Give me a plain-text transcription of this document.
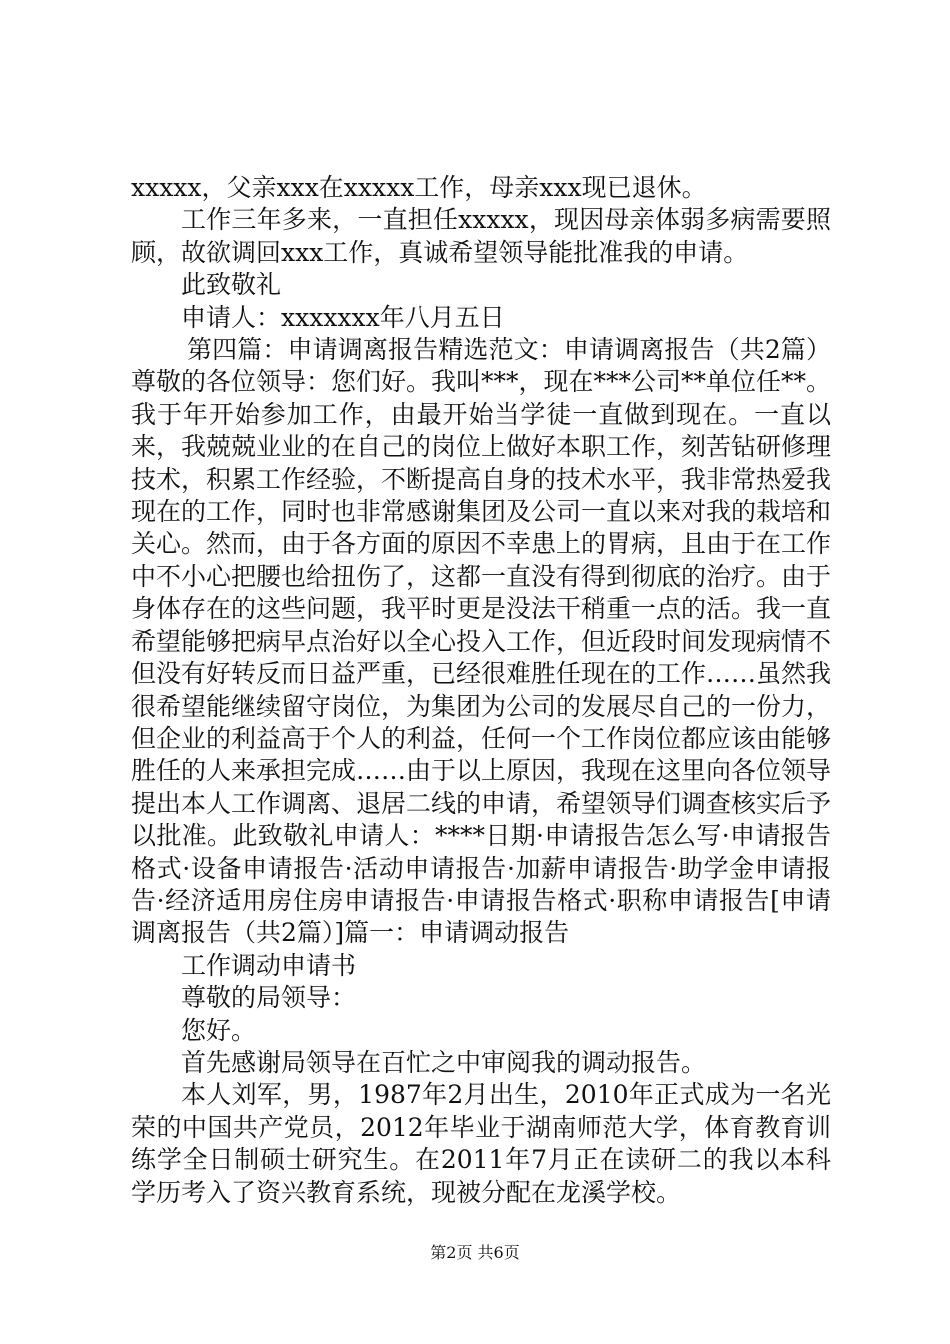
xxxxx，父亲xxx在xxxxx工作，母亲xxx现已退休。

工作三年多来，一直担任xxxxx，现因母亲体弱多病需要照顾，故欲调回xxx工作，真诚希望领导能批准我的申请。

此致敬礼

申请人：xxxxxxx年八月五日

第四篇：申请调离报告精选范文：申请调离报告（共2篇）尊敬的各位领导：您们好。我叫***，现在***公司**单位任**。我于年开始参加工作，由最开始当学徒一直做到现在。一直以来，我兢兢业业的在自己的岗位上做好本职工作，刻苦钻研修理技术，积累工作经验，不断提高自身的技术水平，我非常热爱我现在的工作，同时也非常感谢集团及公司一直以来对我的栽培和关心。然而，由于各方面的原因不幸患上的胃病，且由于在工作中不小心把腰也给扭伤了，这都一直没有得到彻底的治疗。由于身体存在的这些问题，我平时更是没法干稍重一点的活。我一直希望能够把病早点治好以全心投入工作，但近段时间发现病情不但没有好转反而日益严重，已经很难胜任现在的工作……虽然我很希望能继续留守岗位，为集团为公司的发展尽自己的一份力，但企业的利益高于个人的利益，任何一个工作岗位都应该由能够胜任的人来承担完成……由于以上原因，我现在这里向各位领导提出本人工作调离、退居二线的申请，希望领导们调查核实后予以批准。此致敬礼申请人：****日期·申请报告怎么写·申请报告格式·设备申请报告·活动申请报告·加薪申请报告·助学金申请报告·经济适用房住房申请报告·申请报告格式·职称申请报告[申请调离报告（共2篇）]篇一：申请调动报告

工作调动申请书

尊敬的局领导：

您好。

首先感谢局领导在百忙之中审阅我的调动报告。

本人刘军，男，1987年2月出生，2010年正式成为一名光荣的中国共产党员，2012年毕业于湖南师范大学，体育教育训练学全日制硕士研究生。在2011年7月正在读研二的我以本科学历考入了资兴教育系统，现被分配在龙溪学校。

第2页 共6页
